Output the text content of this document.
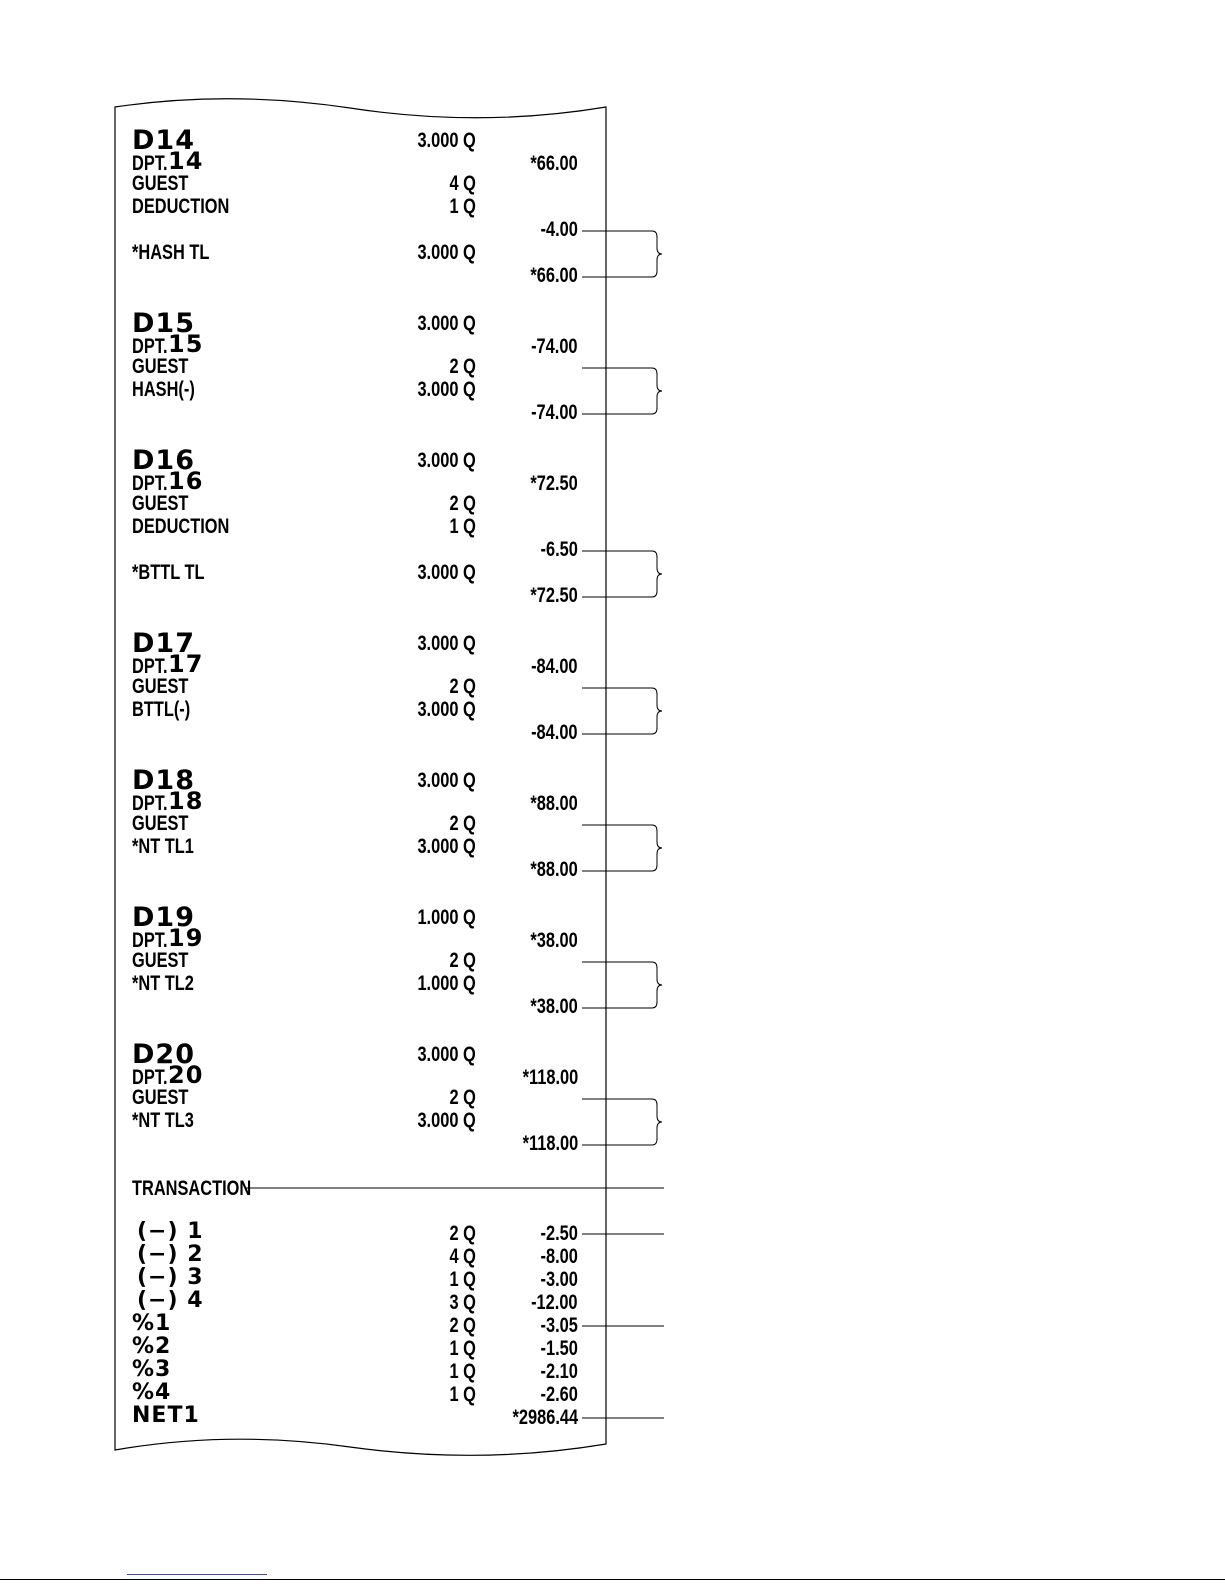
D14	3.000 Q
DPT. 14	*66.00
GUEST	4 Q
DEDUCTION	1 Q
-4.00
*HASH TL	3.000 Q
*66.00
D15	3.000 Q
DPT. 15	-74.00
GUEST	2 Q
HASH(-)	3.000 Q
-74.00
D16	3.000 Q
DPT. 16	*72.50
GUEST	2 Q
DEDUCTION	1 Q
-6.50
*BTTL TL	3.000 Q
*72.50
D17	3.000 Q
DPT. 17	-84.00
GUEST	2 Q
BTTL(-)	3.000 Q
-84.00
D18	3.000 Q
DPT. 18	*88.00
GUEST	2 Q
*NT TL1	3.000 Q
*88.00
D19	1.000 Q
DPT. 19	*38.00
GUEST	2 Q
*NT TL2	1.000 Q
*38.00
D20	3.000 Q
DPT. 20	*118.00
GUEST	2 Q
*NT TL3	3.000 Q
*118.00
TRANSACTION
(−) 1	2 Q	-2.50
(−) 2	4 Q	-8.00
(−) 3	1 Q	-3.00
(−) 4	3 Q	-12.00
%1	2 Q	-3.05
%2	1 Q	-1.50
%3	1 Q	-2.10
%4	1 Q	-2.60
NET1	*2986.44
